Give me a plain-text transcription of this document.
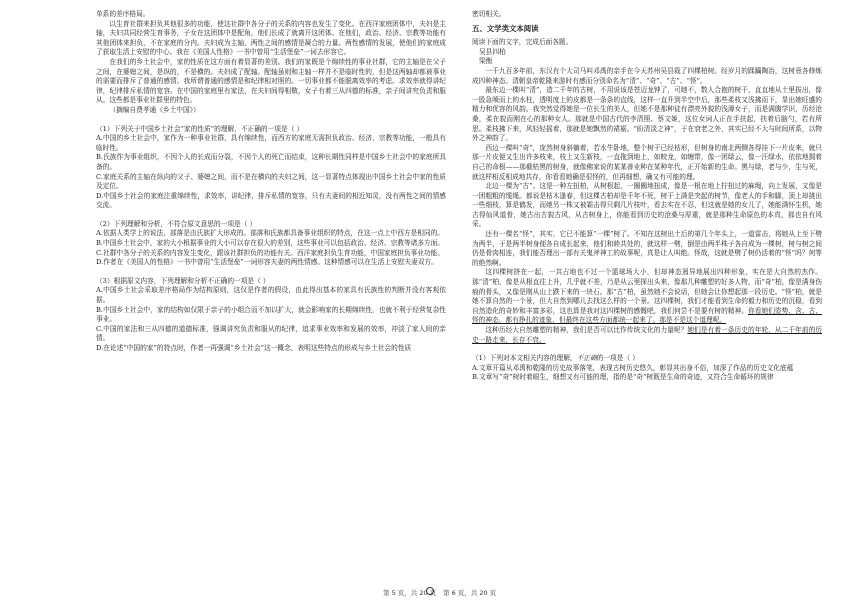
单系的差序格局。

以生育社群来担负其他很多的功能，使这社群中各分子的关系的内容也发生了变化。在西洋家庭团体中，夫妇是主轴，夫妇共同经营生育事务，子女在这团体中是配角，他们长成了就离开这团体。在他们，政治、经济、宗教等功能有其他团体来担负，不在家庭的分内。夫妇成为主轴，两性之间的感情是凝合的力量。两性感情的发展，使他们的家庭成了获取生活上安慰的中心。我在《美国人性格》一书中曾用“生活堡垒”一词去形容它。

在我们的乡土社会中，家的性质在这方面有着显著的差别。我们的家既是个绵续性的事业社群，它的主轴是在父子之间，在婆媳之间，是纵的，不是横的。夫妇成了配轴。配轴虽则和主轴一样并不是临时性的，但是这两轴却都被事业的需要而排斥了普通的感情。我所谓普通的感情是和纪律相对照的。一切事业都不能脱离效率的考虑。求效率就得讲纪律，纪律排斥私情的宽容。在中国的家庭里有家法，在夫妇间得相敬，女子有着三从四德的标准，亲子间讲究负责和服从。这些都是事业社群里的特色。

（摘编自费孝通《乡土中国》）

（1）下列关于中国乡土社会“家的性质”的理解，不正确的一项是（ ）

A.中国的乡土社会中，家作为一种事业社群，具有绵续性，而西方的家庭无需担负政治、经济、宗教等功能，一般具有临时性。

B.氏族作为事业组织，不因个人的长成而分裂，不因个人的死亡而结束，这种长期性同样是中国乡土社会中的家庭所具备的。

C.家庭关系的主轴在纵向的父子、婆媳之间，而不是在横向的夫妇之间，这一显著特点体现出中国乡土社会中家的性质及定位。

D.中国乡土社会的家庭注重绵续性，求效率，讲纪律，排斥私情的宽容，只有夫妻间的相近知灵，没有两性之间的情感交流。

（2）下列理解和分析，不符合原文意思的一项是（ ）

A.依据人类学上的说法，部落是由氏族扩大形成的。部落和氏族都具备事业组织的特点，在这一点上中西方是相同的。

B.中国乡土社会中，家的大小根据事业的大小可以存在很大的差别，这些事业可以包括政治、经济、宗教等诸多方面。

C.社群中各分子的关系的内容发生变化，跟该社群担负的功能有关。西洋家庭担负生育功能，中国家庭担负事业功能。

D.作者在《美国人的性格》一书中曾用“生活堡垒”一词形容夫妻的两性情感。这种情感可以在生活上安慰夫妻双方。

（3）根据原文内容，下列理解和分析不正确的一项是（ ）

A.中国乡土社会采取差序格局作为结构原则，这仅是作者的假设，由此得出基本的家具有氏族性的判断并没有客观依据。

B.中国乡土社会中，家的结构如仅限于亲子的小组合而不加以扩大，就会影响家的长期绵续性，也就不利于经营复杂性事业。

C.中国的家法和三从四德的道德标准，强调讲究负责和服从的纪律，追求事业效率和发展的效率，冲淡了家人间的亲情。

D.在论述“中国的家”的特点时，作者一再强调“乡土社会”这一概念，表明这些特点的形成与乡土社会的性质

密切相关。

五、文学类文本阅读

阅读下面的文字，完成后面各题。

吴县四柏

梁衡

一千九百多年前，东汉有个大司马叫邓禹的亲手在今天苏州吴县栽了四棵柏树。经岁月的蹂躏陶冶，这树竟各修炼成四种神态。清朝皇帝乾隆来游时有感而分别命名为“清”、“奇”、“古”、“怪”。

最东边一棵叫“清”，造二千年的古树，不用说该是苍迈龙钟了，可她不，数人合抱的树干，直直地从土里拔出，像一股急喷而上的水柱，透明度上的皮都是一条条的直线，这样一直升到半空中后，那些柔枝又浅拂而下，显出她旺盛的精力和优容的风韵。我突然觉得她是一位长生的美人，但她不是那种徒有漂亮外貌的浅薄女子，而是满腹学识，历经沧桑，柔在貌而刚在心的那种女人。那就是中国古代的李清照、蔡文姬，这位女词人正在手扶起，扶着后脑勺，若有所思。柔枝拂下来，风轻轻摇着，那就是她飘然的裙裾。“盼清淡之神”，于在衰老之外，其实已经不大与时间所系，以物外之神韵了。

西边一棵叫“奇”，庞然树身斜躺着，若水牛卧地，整个树干已经枯形，但树身的南北两侧各得挂下一片皮来，就只那一片皮便又生出许多枝来，枝上又生新枝，一直拖到地上，如蛟龙，如缠带，像一团绿云，像一汪绿水，依依地拥着自己的命根——那截枯黑的树身，就像佛家说的某某善业种在某种年代，正开始新的生命。黑与绿，老与少，生与死，就这样相反相成地共存，你看看她确是很怪的，但再细想，确又有可能的理。

北边一棵为“古”。这是一种左扭柏，从树根起，一圈圈地扭成，像是一根在地上拧扭过的麻绳，向上发展，又像是一团粗粗的缆绳。都说是枯木逢春，但这棵古柏却是千年不死，树干上满是突起的树节，像老人的手和脚，顶上却挑出一些细枝，算是鹤发，而她另一株又被霜击得只剩几片枝叶，看去实在不忍，但这就是她的女儿了，她能满怀生机，她古得仙风道骨，她古出古貌古风，从古树身上，你能看到历史的沧桑与厚重，就是那种生命原色的本真，那也自有风采。

还有一棵名“怪”，其实，它已不能算“一棵”树了。不知在这树出土后的第几个年头上，一道雷击，将她从上至下劈为两半，于是两半树身便各自成长起来，他们和睦共处的，就这样一劈，倒是由两半株子各自成为一棵树，树与树之间仍是骨肉相连，我们能否理出一部有关鬼斧神工的故事呢，真是让人叫绝。怪哉，这就是劈了树仍活着的“怪”吗？何等的绝然啊。

这四棵树挤在一起，一共占地也不过一个篮球场大小，但却神态迥异地展出四种形象，实在是大自然的杰作。那“清”柏，像是从根直往上升，几乎就不差，乃是从云里探出头来，像那几种雕塑的好多人物，而“奇”柏，像是满身伤痕的骨头，又像是刚从山上跌下来的一块石。那“古”柏，虽然她不会说话，但她会让你想起那一段历史。“怪”柏，就是她不算自然的一个景，但大自然到哪儿去找这么样的一个景。这四棵树，我们才能看到生命的毅力和历史的沉稳，看到自然造化的奇妙和丰富多彩，这也算是我对这四棵树的感慨吧，我们何尝不是要有树的精神。你看她们姿势、含、古、怪的神态，都有挣扎的迹象，但最终在这些方面都统一起来了。那是不是这个道理呢。

这种历经大自然雕塑的精神，我们是否可以比作传统文化的力量呢？她们是有着一条历史的年轮，从二千年前的历史一路走来，长存不衰。

（1）下列对本文相关内容的理解，不正确的一项是（ ）

A.文章开篇从邓禹和乾隆的历史故事落笔，表现古树历史悠久，彰显其出身不俗，加深了作品的历史文化底蕴

B.文章写“奇”树时着眼生，细想又有可能的理，指的是“奇”树既是生命的奇迹，又符合生命循环的规律

第 5 页，共 20 页 第 6 页，共 20 页
